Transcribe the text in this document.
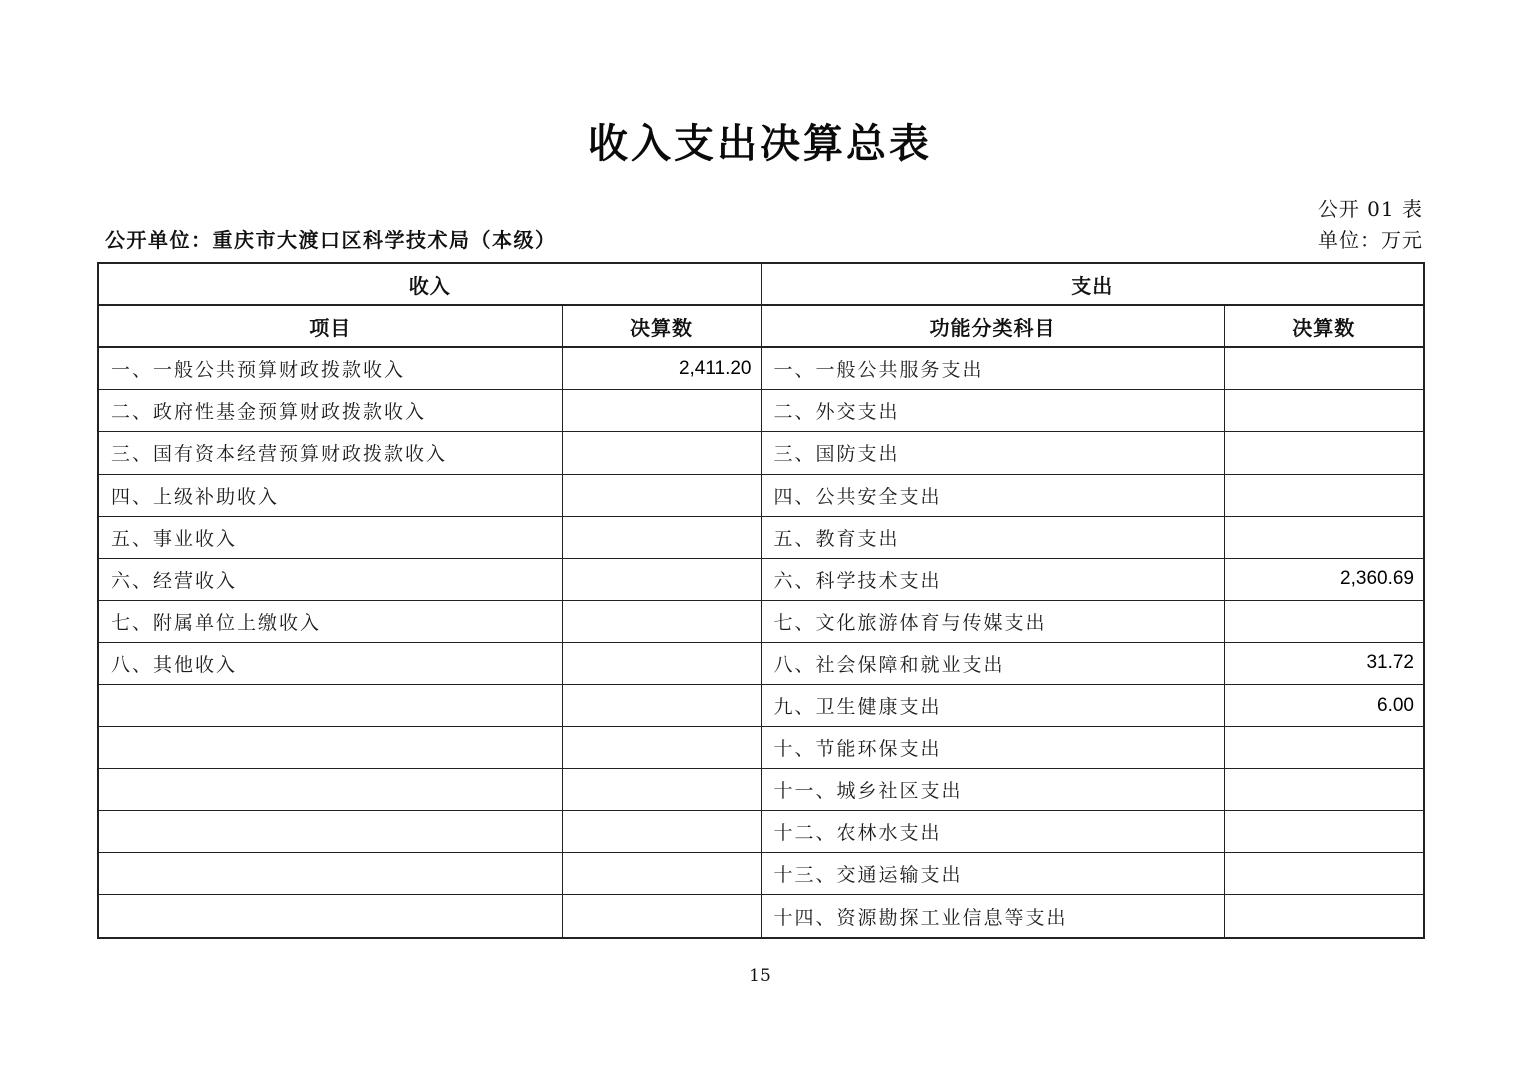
收入支出决算总表
公开 01 表
公开单位：重庆市大渡口区科学技术局（本级）	单位：万元
收入		支出	
项目	决算数	功能分类科目	决算数
一、一般公共预算财政拨款收入	2,411.20	一、一般公共服务支出	
二、政府性基金预算财政拨款收入		二、外交支出	
三、国有资本经营预算财政拨款收入		三、国防支出	
四、上级补助收入		四、公共安全支出	
五、事业收入		五、教育支出	
六、经营收入		六、科学技术支出	2,360.69
七、附属单位上缴收入		七、文化旅游体育与传媒支出	
八、其他收入		八、社会保障和就业支出	31.72
		九、卫生健康支出	6.00
		十、节能环保支出	
		十一、城乡社区支出	
		十二、农林水支出	
		十三、交通运输支出	
		十四、资源勘探工业信息等支出	
15
